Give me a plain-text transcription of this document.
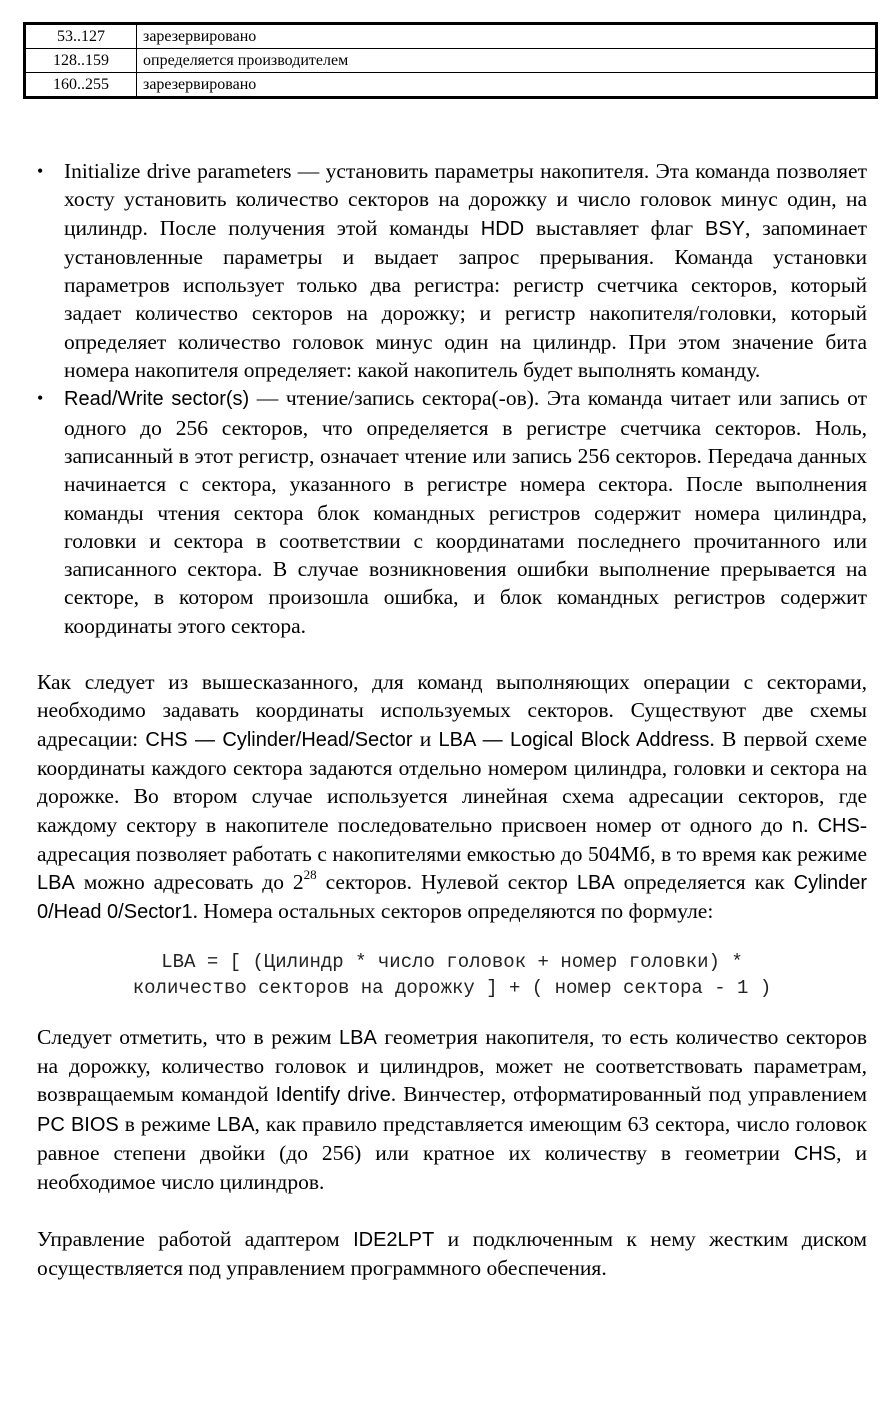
53..127	зарезервировано
128..159	определяется производителем
160..255	зарезервировано
• Initialize drive parameters — установить параметры накопителя. Эта команда позволяет хосту установить количество секторов на дорожку и число головок минус один, на цилиндр. После получения этой команды HDD выставляет флаг BSY, запоминает установленные параметры и выдает запрос прерывания. Команда установки параметров использует только два регистра: регистр счетчика секторов, который задает количество секторов на дорожку; и регистр накопителя/головки, который определяет количество головок минус один на цилиндр. При этом значение бита номера накопителя определяет: какой накопитель будет выполнять команду.
• Read/Write sector(s) — чтение/запись сектора(-ов). Эта команда читает или запись от одного до 256 секторов, что определяется в регистре счетчика секторов. Ноль, записанный в этот регистр, означает чтение или запись 256 секторов. Передача данных начинается с сектора, указанного в регистре номера сектора. После выполнения команды чтения сектора блок командных регистров содержит номера цилиндра, головки и сектора в соответствии с координатами последнего прочитанного или записанного сектора. В случае возникновения ошибки выполнение прерывается на секторе, в котором произошла ошибка, и блок командных регистров содержит координаты этого сектора.

Как следует из вышесказанного, для команд выполняющих операции с секторами, необходимо задавать координаты используемых секторов. Существуют две схемы адресации: CHS — Cylinder/Head/Sector и LBA — Logical Block Address. В первой схеме координаты каждого сектора задаются отдельно номером цилиндра, головки и сектора на дорожке. Во втором случае используется линейная схема адресации секторов, где каждому сектору в накопителе последовательно присвоен номер от одного до n. CHS-адресация позволяет работать с накопителями емкостью до 504Мб, в то время как режиме LBA можно адресовать до $2^{28}$ секторов. Нулевой сектор LBA определяется как Cylinder 0/Head 0/Sector1. Номера остальных секторов определяются по формуле:

LBA = [ (Цилиндр * число головок + номер головки) *
количество секторов на дорожку ] + ( номер сектора - 1 )

Следует отметить, что в режим LBA геометрия накопителя, то есть количество секторов на дорожку, количество головок и цилиндров, может не соответствовать параметрам, возвращаемым командой Identify drive. Винчестер, отформатированный под управлением PC BIOS в режиме LBA, как правило представляется имеющим 63 сектора, число головок равное степени двойки (до 256) или кратное их количеству в геометрии CHS, и необходимое число цилиндров.

Управление работой адаптером IDE2LPT и подключенным к нему жестким диском осуществляется под управлением программного обеспечения.
